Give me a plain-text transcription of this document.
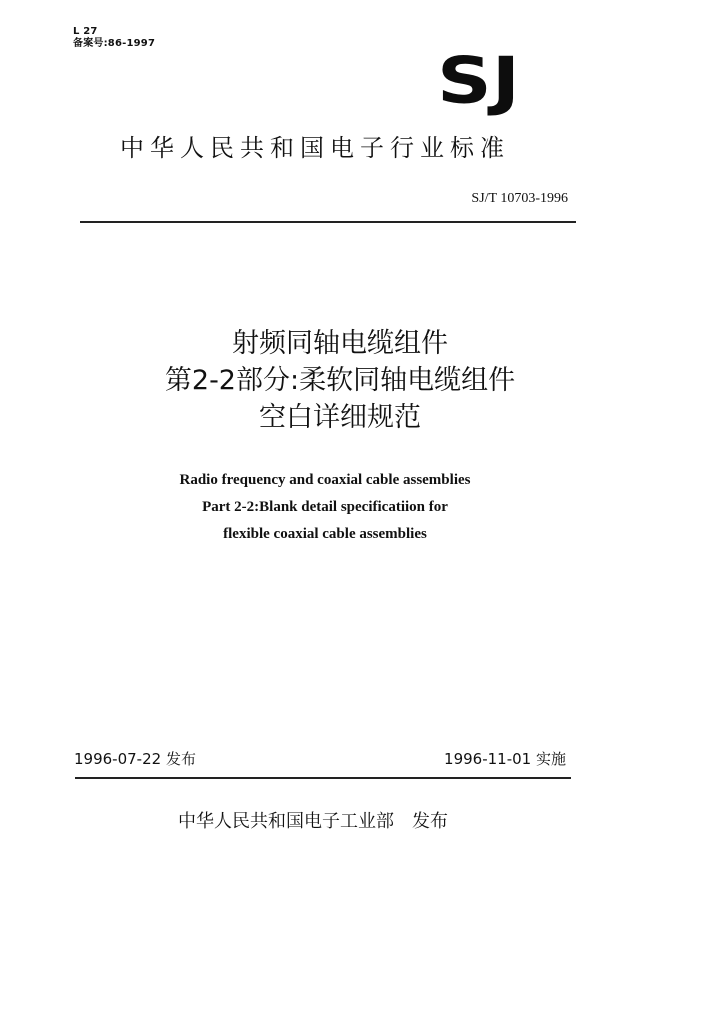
L 27
备案号:86-1997	SJ
中华人民共和国电子行业标准
SJ/T 10703-1996
射频同轴电缆组件
第2-2部分:柔软同轴电缆组件
空白详细规范
Radio frequency and coaxial cable assemblies
Part 2-2:Blank detail specificatiion for
flexible coaxial cable assemblies
1996-07-22 发布	1996-11-01 实施
中华人民共和国电子工业部 发布
